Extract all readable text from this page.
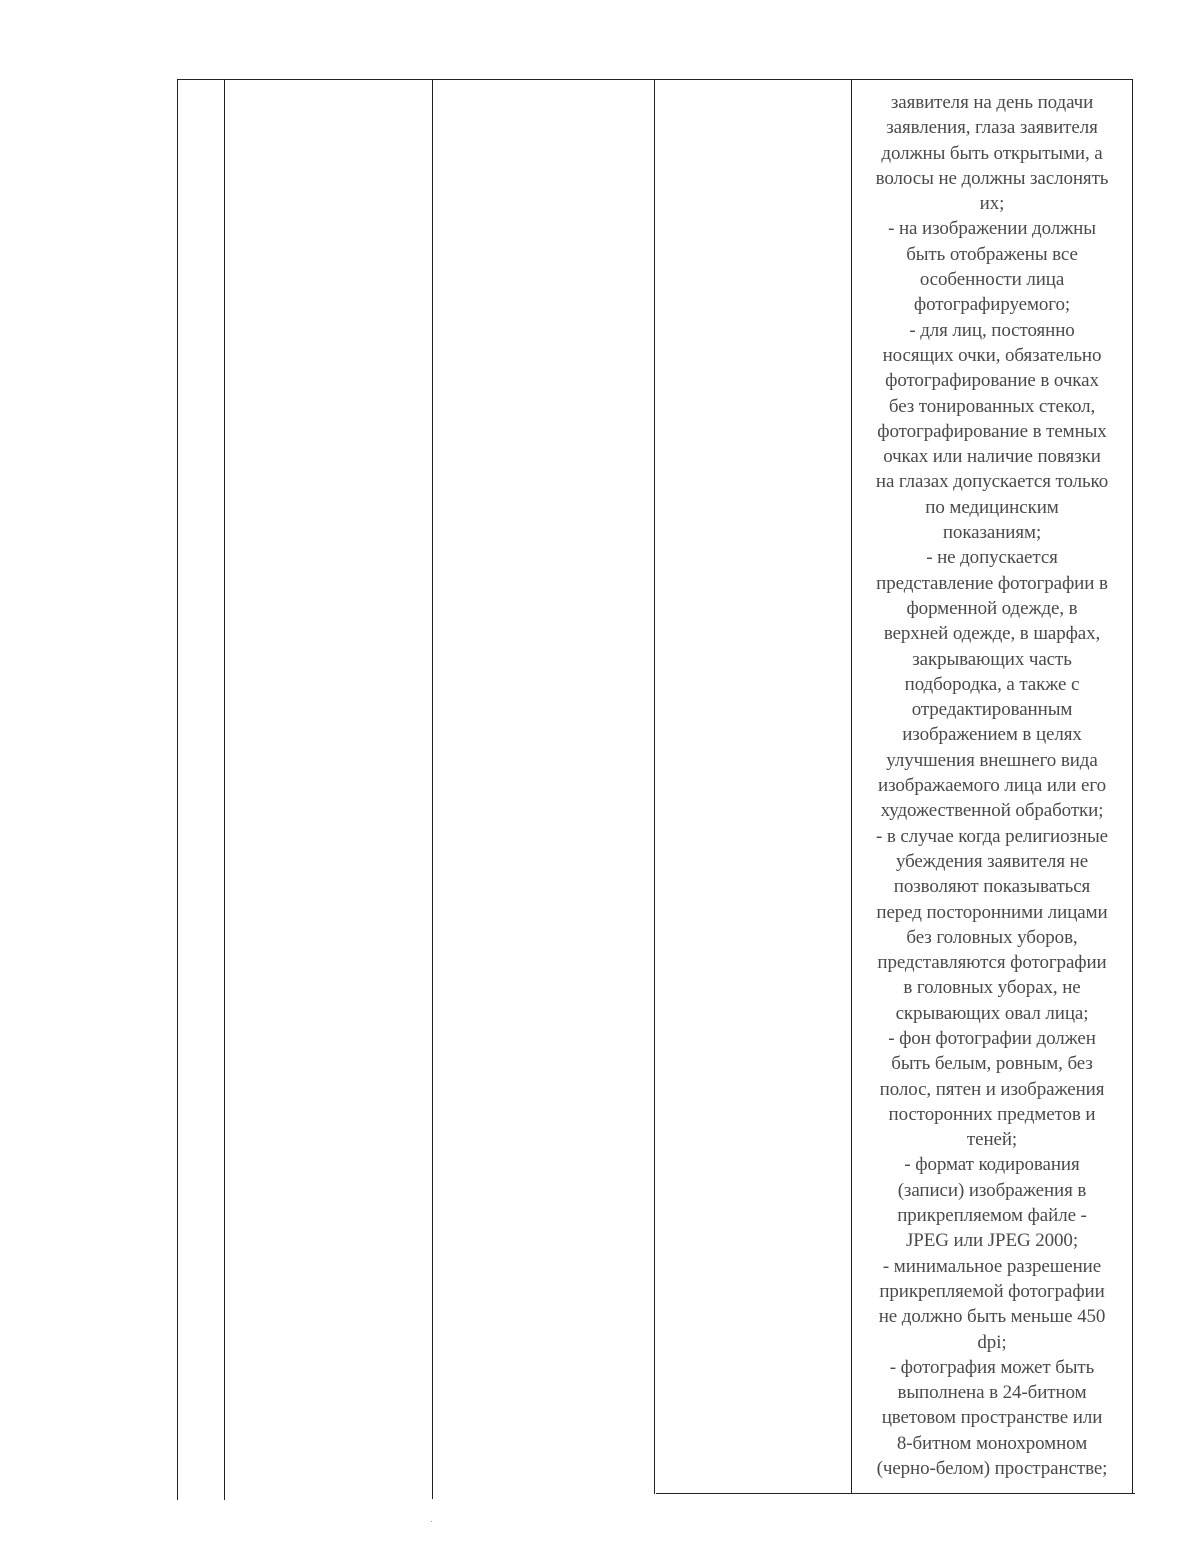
заявителя на день подачи
заявления, глаза заявителя
должны быть открытыми, а
волосы не должны заслонять
их;
- на изображении должны
быть отображены все
особенности лица
фотографируемого;
- для лиц, постоянно
носящих очки, обязательно
фотографирование в очках
без тонированных стекол,
фотографирование в темных
очках или наличие повязки
на глазах допускается только
по медицинским
показаниям;
- не допускается
представление фотографии в
форменной одежде, в
верхней одежде, в шарфах,
закрывающих часть
подбородка, а также с
отредактированным
изображением в целях
улучшения внешнего вида
изображаемого лица или его
художественной обработки;
- в случае когда религиозные
убеждения заявителя не
позволяют показываться
перед посторонними лицами
без головных уборов,
представляются фотографии
в головных уборах, не
скрывающих овал лица;
- фон фотографии должен
быть белым, ровным, без
полос, пятен и изображения
посторонних предметов и
теней;
- формат кодирования
(записи) изображения в
прикрепляемом файле -
JPEG или JPEG 2000;
- минимальное разрешение
прикрепляемой фотографии
не должно быть меньше 450
dpi;
- фотография может быть
выполнена в 24-битном
цветовом пространстве или
8-битном монохромном
(черно-белом) пространстве;
